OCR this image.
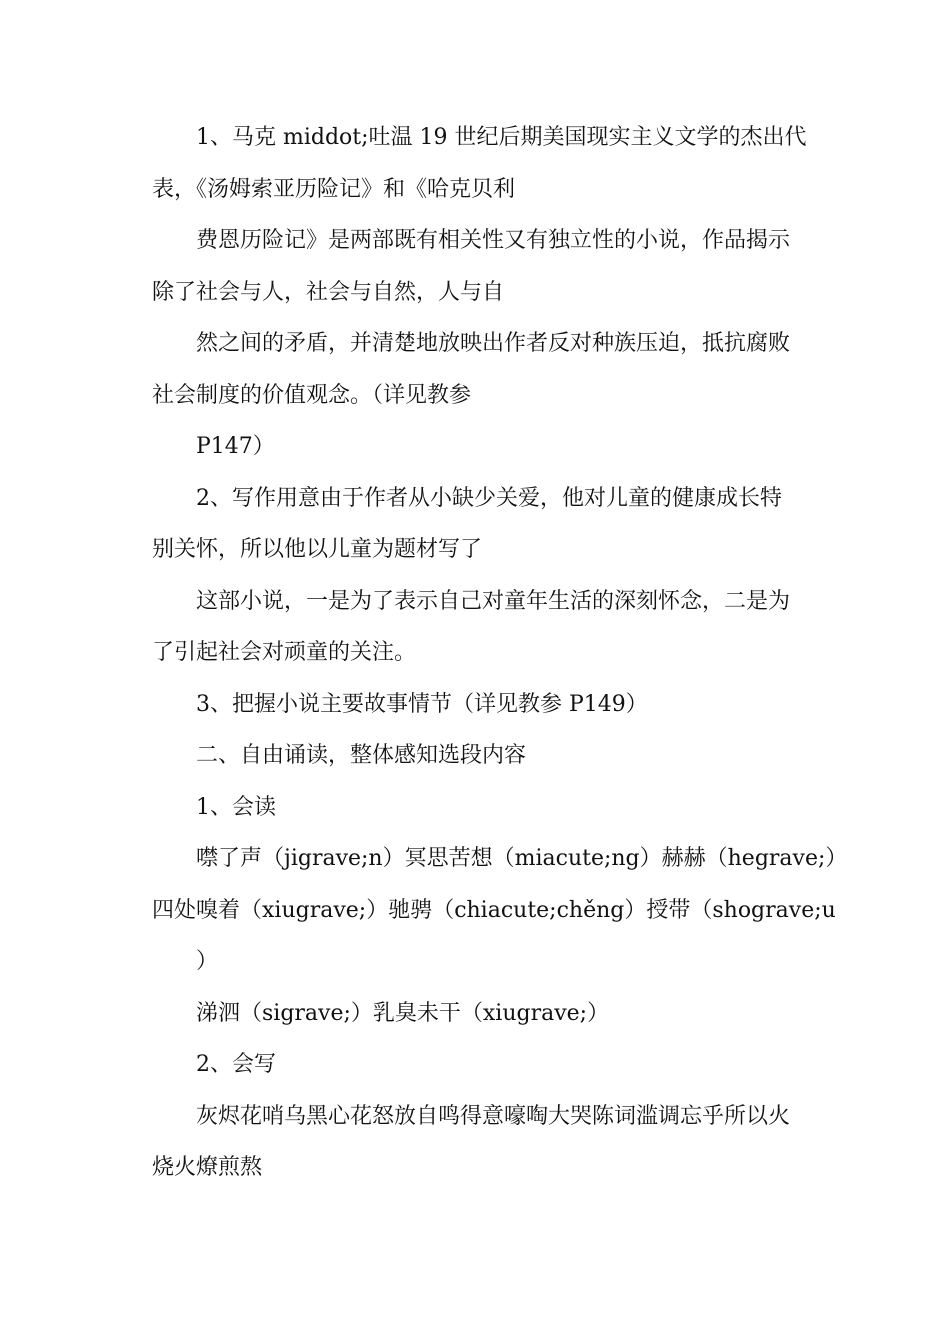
1、马克 middot;吐温 19 世纪后期美国现实主义文学的杰出代
表，《汤姆索亚历险记》和《哈克贝利
费恩历险记》是两部既有相关性又有独立性的小说，作品揭示
除了社会与人，社会与自然，人与自
然之间的矛盾，并清楚地放映出作者反对种族压迫，抵抗腐败
社会制度的价值观念。（详见教参
P147）
2、写作用意由于作者从小缺少关爱，他对儿童的健康成长特
别关怀，所以他以儿童为题材写了
这部小说，一是为了表示自己对童年生活的深刻怀念，二是为
了引起社会对顽童的关注。
3、把握小说主要故事情节（详见教参 P149）
二、自由诵读，整体感知选段内容
1、会读
噤了声（jigrave;n）冥思苦想（miacute;ng）赫赫（hegrave;）
四处嗅着（xiugrave;）驰骋（chiacute;chěng）授带（shograve;u
）
涕泗（sigrave;）乳臭未干（xiugrave;）
2、会写
灰烬花哨乌黑心花怒放自鸣得意嚎啕大哭陈词滥调忘乎所以火
烧火燎煎熬
